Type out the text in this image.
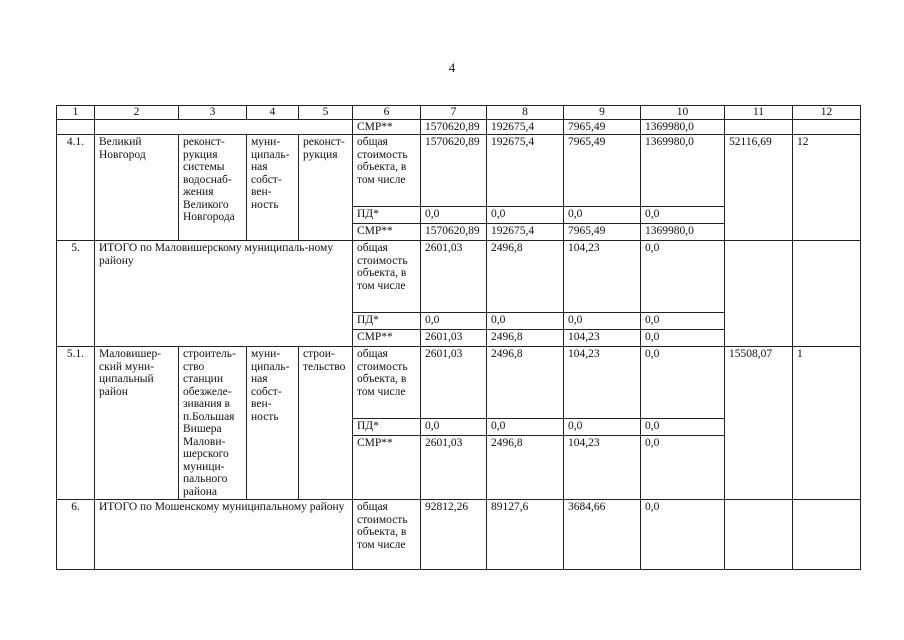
4
1	2	3	4	5	6	7	8	9	10	11	12
					СМР**	1570620,89	192675,4	7965,49	1369980,0		
4.1.	Великий Новгород	реконст-рукция системы водоснаб-жения Великого Новгорода	муни-ципаль-ная собст-вен-ность	реконст-рукция	общая стоимость объекта, в том числе	1570620,89	192675,4	7965,49	1369980,0	52116,69	12
					ПД*	0,0	0,0	0,0	0,0		
					СМР**	1570620,89	192675,4	7965,49	1369980,0		
5.	ИТОГО по Маловишерскому муниципаль-ному району				общая стоимость объекта, в том числе	2601,03	2496,8	104,23	0,0		
					ПД*	0,0	0,0	0,0	0,0		
					СМР**	2601,03	2496,8	104,23	0,0		
5.1.	Маловишер-ский муни-ципальный район	строитель-ство станции обезжеле-зивания в п.Большая Вишера Малови-шерского муници-пального района	муни-ципаль-ная собст-вен-ность	строи-тельство	общая стоимость объекта, в том числе	2601,03	2496,8	104,23	0,0	15508,07	1
					ПД*	0,0	0,0	0,0	0,0		
					СМР**	2601,03	2496,8	104,23	0,0		
6.	ИТОГО по Мошенскому муниципальному району				общая стоимость объекта, в том числе	92812,26	89127,6	3684,66	0,0		
